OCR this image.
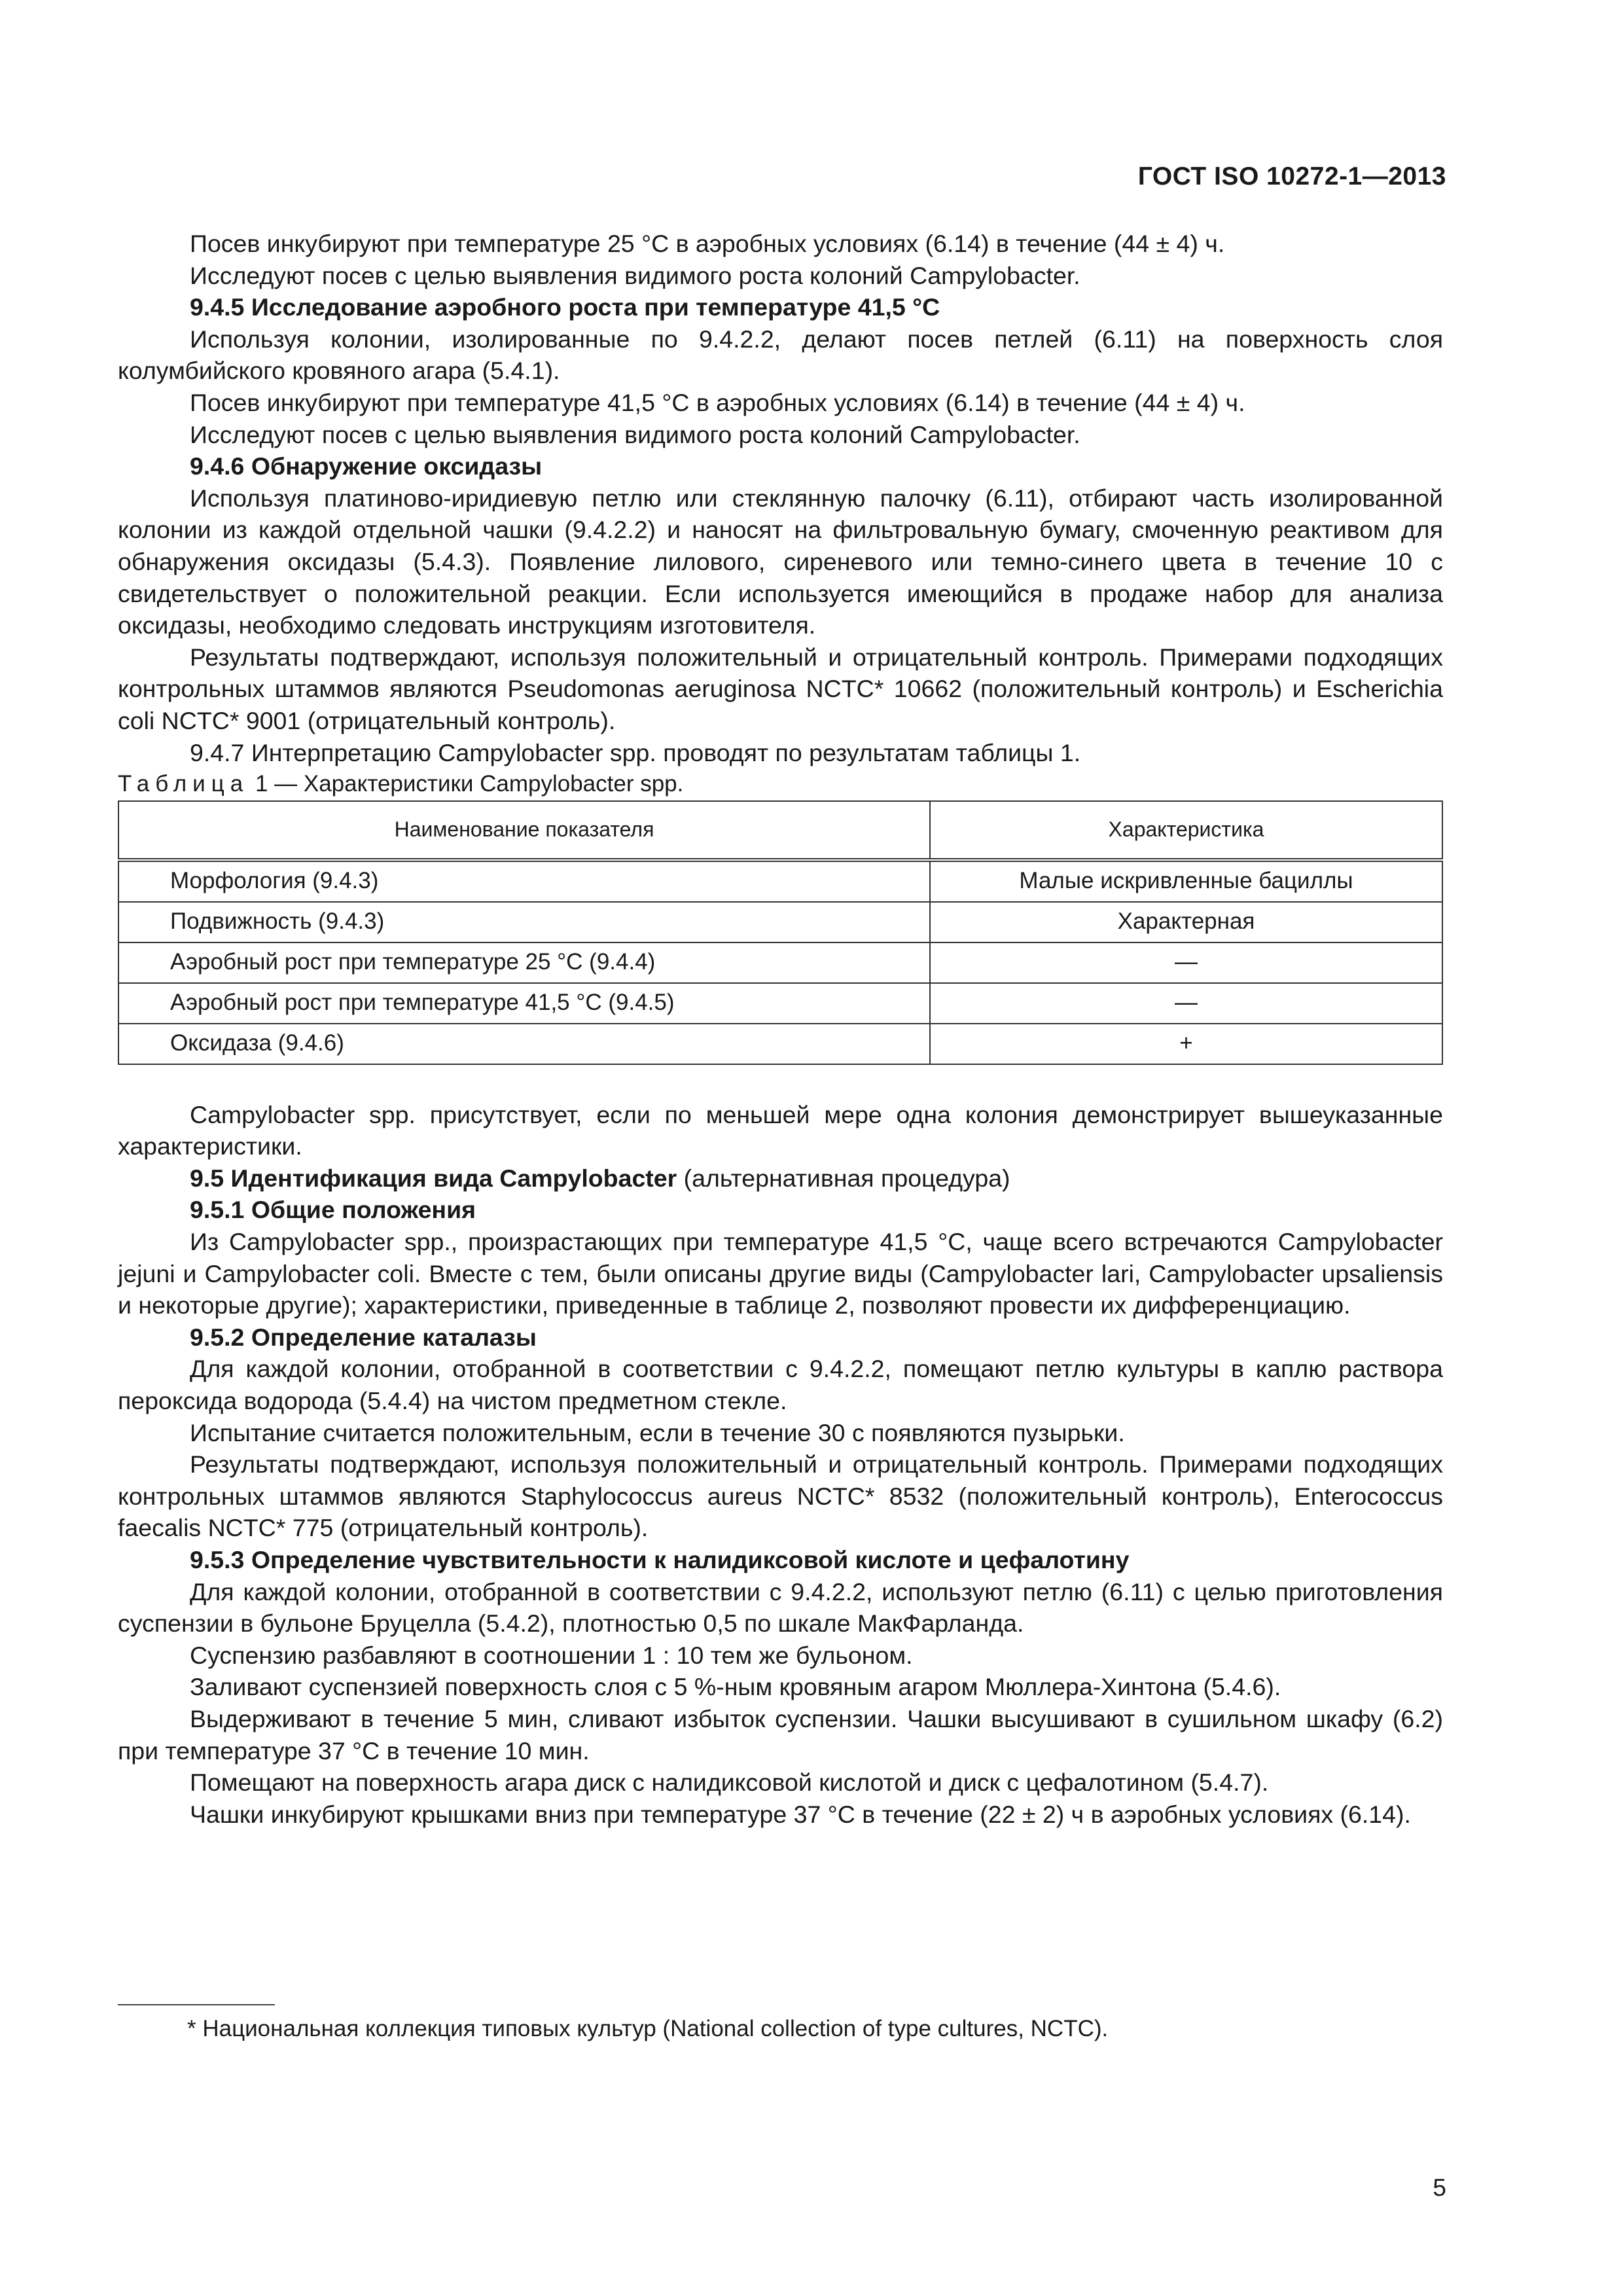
ГОСТ ISO 10272-1—2013

Посев инкубируют при температуре 25 °С в аэробных условиях (6.14) в течение (44 ± 4) ч.

Исследуют посев с целью выявления видимого роста колоний Campylobacter.

9.4.5 Исследование аэробного роста при температуре 41,5 °С

Используя колонии, изолированные по 9.4.2.2, делают посев петлей (6.11) на поверхность слоя колумбийского кровяного агара (5.4.1).

Посев инкубируют при температуре 41,5 °С в аэробных условиях (6.14) в течение (44 ± 4) ч.

Исследуют посев с целью выявления видимого роста колоний Campylobacter.

9.4.6 Обнаружение оксидазы

Используя платиново-иридиевую петлю или стеклянную палочку (6.11), отбирают часть изолированной колонии из каждой отдельной чашки (9.4.2.2) и наносят на фильтровальную бумагу, смоченную реактивом для обнаружения оксидазы (5.4.3). Появление лилового, сиреневого или темно-синего цвета в течение 10 с свидетельствует о положительной реакции. Если используется имеющийся в продаже набор для анализа оксидазы, необходимо следовать инструкциям изготовителя.

Результаты подтверждают, используя положительный и отрицательный контроль. Примерами подходящих контрольных штаммов являются Pseudomonas aeruginosa NCTC* 10662 (положительный контроль) и Escherichia coli NCTC* 9001 (отрицательный контроль).

9.4.7 Интерпретацию Campylobacter spp. проводят по результатам таблицы 1.

Таблица 1 — Характеристики Campylobacter spp.

Наименование показателя	Характеристика
Морфология (9.4.3)	Малые искривленные бациллы
Подвижность (9.4.3)	Характерная
Аэробный рост при температуре 25 °С (9.4.4)	—
Аэробный рост при температуре 41,5 °С (9.4.5)	—
Оксидаза (9.4.6)	+

Campylobacter spp. присутствует, если по меньшей мере одна колония демонстрирует вышеуказанные характеристики.

9.5 Идентификация вида Campylobacter (альтернативная процедура)

9.5.1 Общие положения

Из Campylobacter spp., произрастающих при температуре 41,5 °С, чаще всего встречаются Campylobacter jejuni и Campylobacter coli. Вместе с тем, были описаны другие виды (Campylobacter lari, Campylobacter upsaliensis и некоторые другие); характеристики, приведенные в таблице 2, позволяют провести их дифференциацию.

9.5.2 Определение каталазы

Для каждой колонии, отобранной в соответствии с 9.4.2.2, помещают петлю культуры в каплю раствора пероксида водорода (5.4.4) на чистом предметном стекле.

Испытание считается положительным, если в течение 30 с появляются пузырьки.

Результаты подтверждают, используя положительный и отрицательный контроль. Примерами подходящих контрольных штаммов являются Staphylococcus aureus NCTC* 8532 (положительный контроль), Enterococcus faecalis NCTC* 775 (отрицательный контроль).

9.5.3 Определение чувствительности к налидиксовой кислоте и цефалотину

Для каждой колонии, отобранной в соответствии с 9.4.2.2, используют петлю (6.11) с целью приготовления суспензии в бульоне Бруцелла (5.4.2), плотностью 0,5 по шкале МакФарланда.

Суспензию разбавляют в соотношении 1 : 10 тем же бульоном.

Заливают суспензией поверхность слоя с 5 %-ным кровяным агаром Мюллера-Хинтона (5.4.6).

Выдерживают в течение 5 мин, сливают избыток суспензии. Чашки высушивают в сушильном шкафу (6.2) при температуре 37 °С в течение 10 мин.

Помещают на поверхность агара диск с налидиксовой кислотой и диск с цефалотином (5.4.7).

Чашки инкубируют крышками вниз при температуре 37 °С в течение (22 ± 2) ч в аэробных условиях (6.14).

* Национальная коллекция типовых культур (National collection of type cultures, NCTC).
5
